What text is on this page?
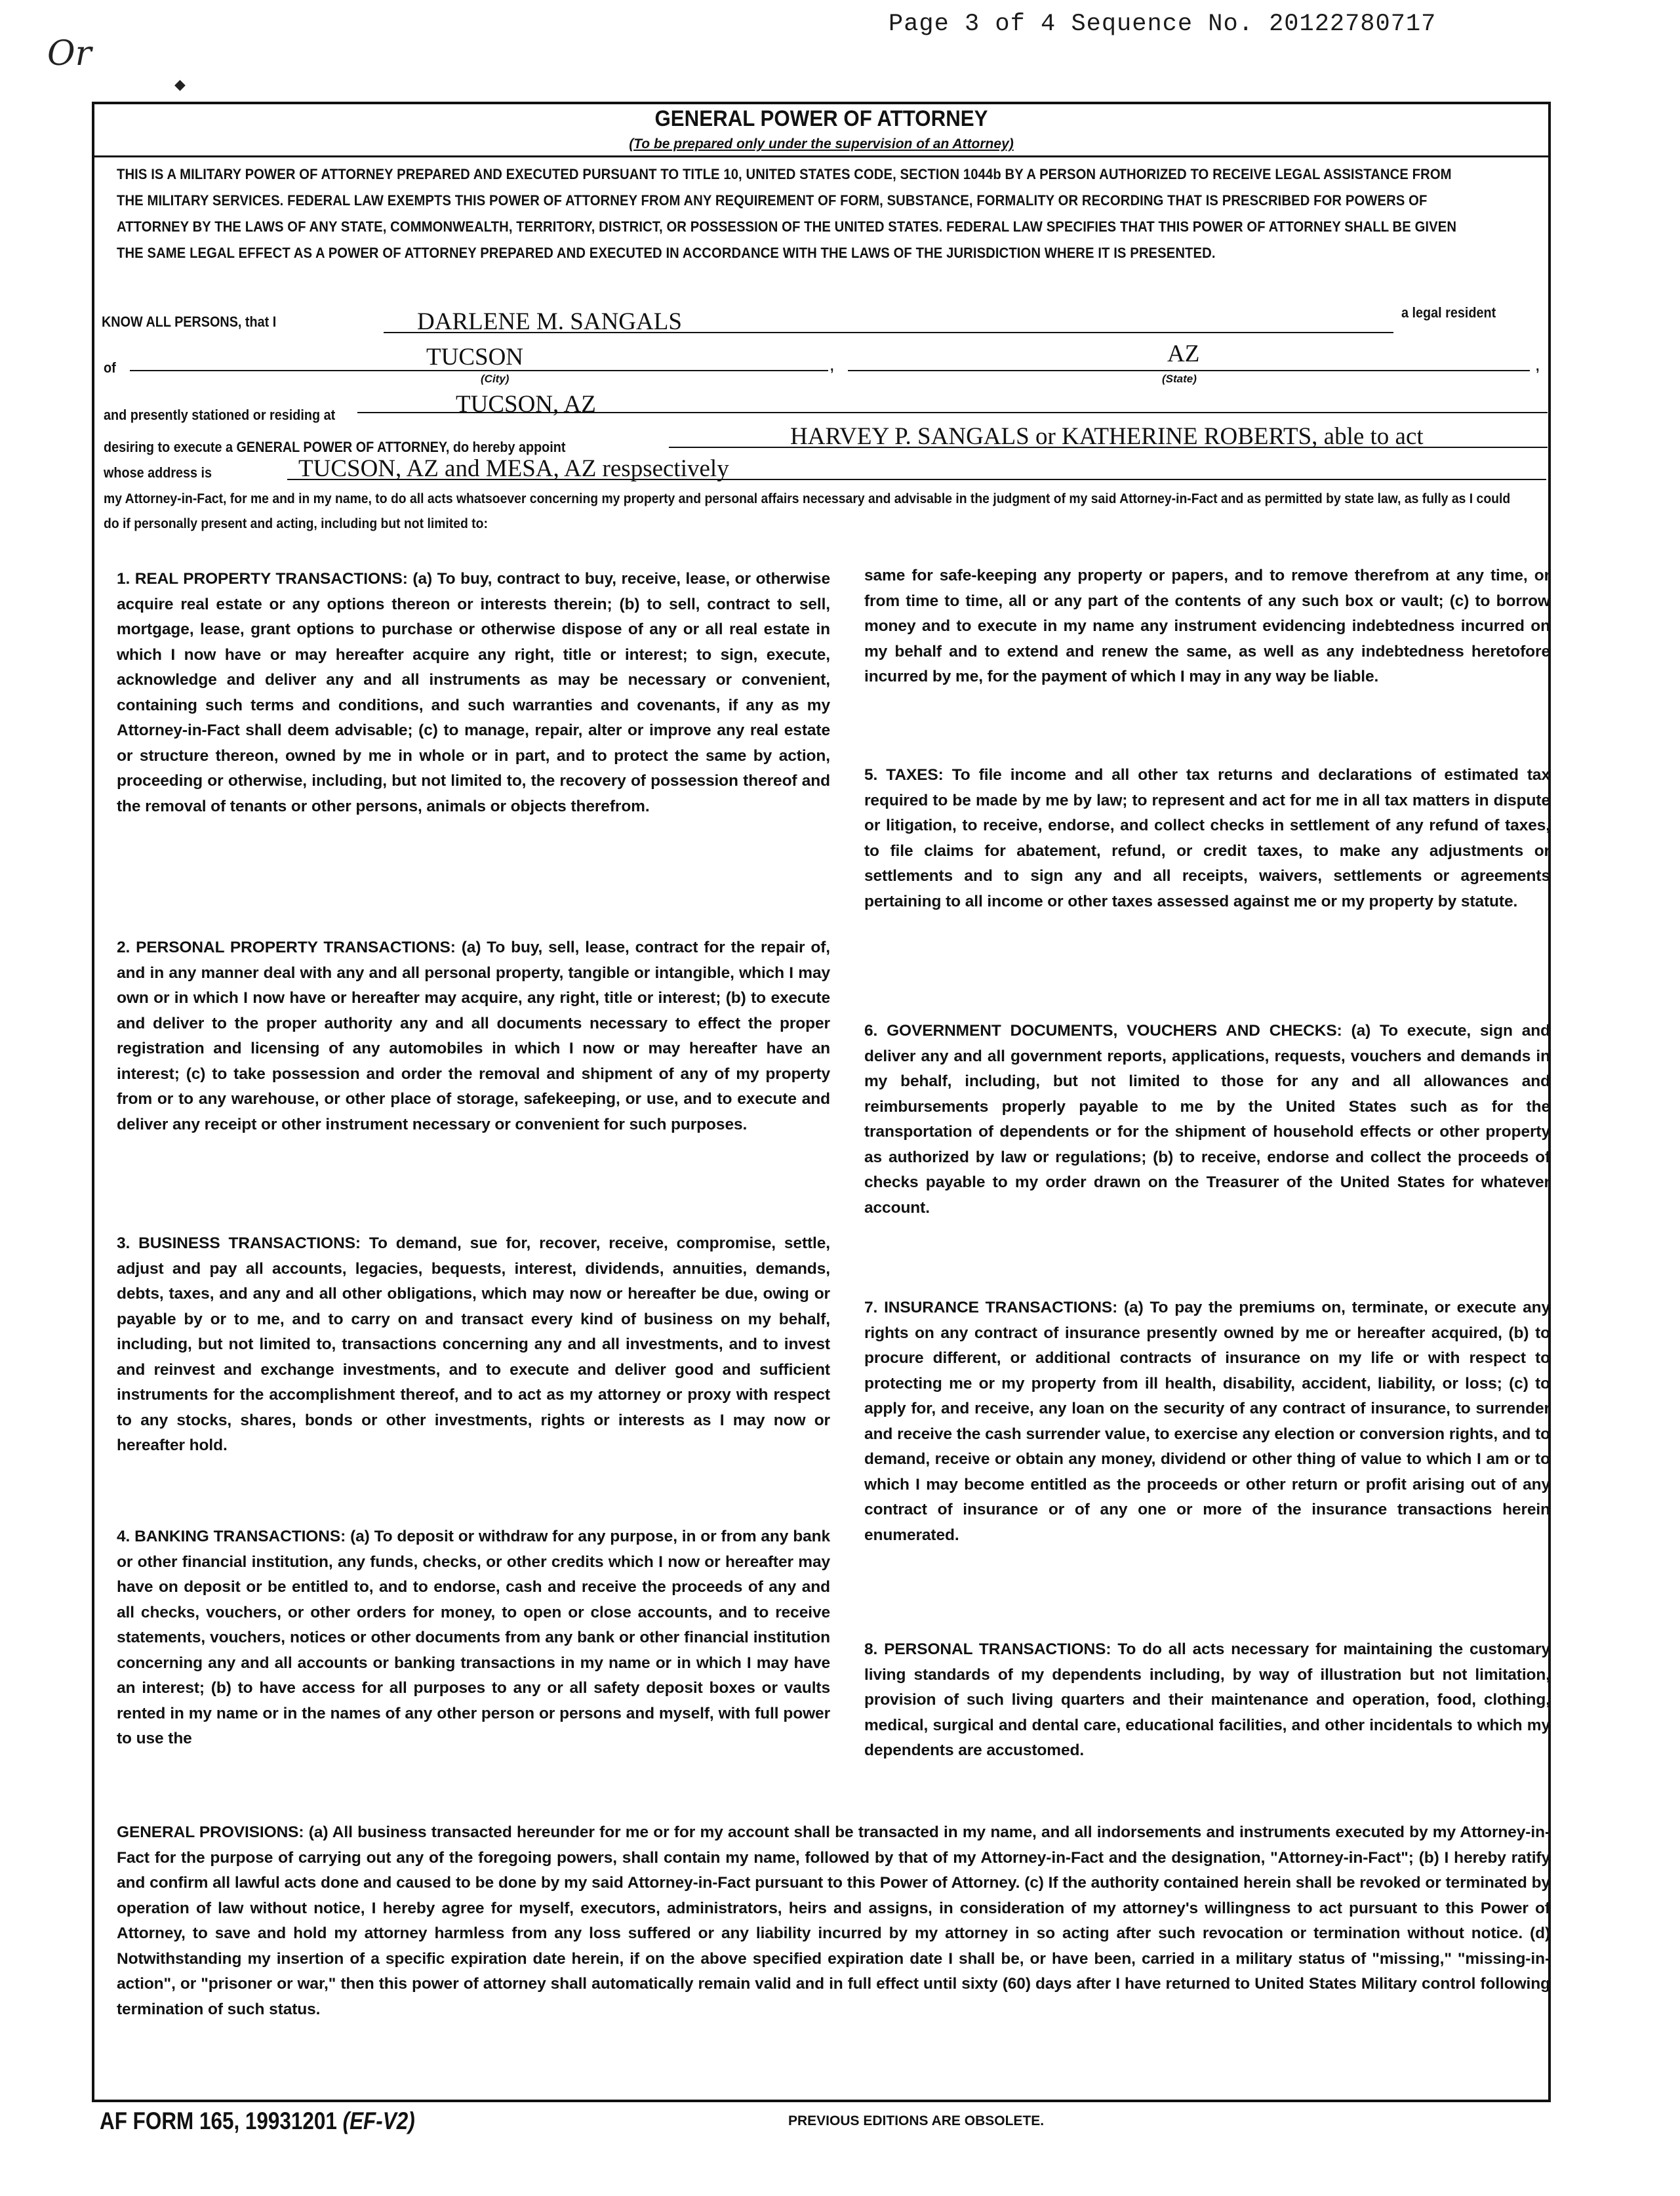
Page 3 of 4 Sequence No. 20122780717
Or
◆
GENERAL POWER OF ATTORNEY
(To be prepared only under the supervision of an Attorney)
THIS IS A MILITARY POWER OF ATTORNEY PREPARED AND EXECUTED PURSUANT TO TITLE 10, UNITED STATES CODE, SECTION 1044b BY A PERSON AUTHORIZED TO RECEIVE LEGAL ASSISTANCE FROM THE MILITARY SERVICES. FEDERAL LAW EXEMPTS THIS POWER OF ATTORNEY FROM ANY REQUIREMENT OF FORM, SUBSTANCE, FORMALITY OR RECORDING THAT IS PRESCRIBED FOR POWERS OF ATTORNEY BY THE LAWS OF ANY STATE, COMMONWEALTH, TERRITORY, DISTRICT, OR POSSESSION OF THE UNITED STATES. FEDERAL LAW SPECIFIES THAT THIS POWER OF ATTORNEY SHALL BE GIVEN THE SAME LEGAL EFFECT AS A POWER OF ATTORNEY PREPARED AND EXECUTED IN ACCORDANCE WITH THE LAWS OF THE JURISDICTION WHERE IT IS PRESENTED.
KNOW ALL PERSONS, that I	DARLENE M. SANGALS	a legal resident
of	TUCSON
(City)
,	AZ
(State)
,
and presently stationed or residing at	TUCSON, AZ
desiring to execute a GENERAL POWER OF ATTORNEY, do hereby appoint	HARVEY P. SANGALS or KATHERINE ROBERTS, able to act
whose address is	TUCSON, AZ and MESA, AZ respsectively
my Attorney-in-Fact, for me and in my name, to do all acts whatsoever concerning my property and personal affairs necessary and advisable in the judgment of my said Attorney-in-Fact and as permitted by state law, as fully as I could do if personally present and acting, including but not limited to:
1. REAL PROPERTY TRANSACTIONS: (a) To buy, contract to buy, receive, lease, or otherwise acquire real estate or any options thereon or interests therein; (b) to sell, contract to sell, mortgage, lease, grant options to purchase or otherwise dispose of any or all real estate in which I now have or may hereafter acquire any right, title or interest; to sign, execute, acknowledge and deliver any and all instruments as may be necessary or convenient, containing such terms and conditions, and such warranties and covenants, if any as my Attorney-in-Fact shall deem advisable; (c) to manage, repair, alter or improve any real estate or structure thereon, owned by me in whole or in part, and to protect the same by action, proceeding or otherwise, including, but not limited to, the recovery of possession thereof and the removal of tenants or other persons, animals or objects therefrom.
2. PERSONAL PROPERTY TRANSACTIONS: (a) To buy, sell, lease, contract for the repair of, and in any manner deal with any and all personal property, tangible or intangible, which I may own or in which I now have or hereafter may acquire, any right, title or interest; (b) to execute and deliver to the proper authority any and all documents necessary to effect the proper registration and licensing of any automobiles in which I now or may hereafter have an interest; (c) to take possession and order the removal and shipment of any of my property from or to any warehouse, or other place of storage, safekeeping, or use, and to execute and deliver any receipt or other instrument necessary or convenient for such purposes.
3. BUSINESS TRANSACTIONS: To demand, sue for, recover, receive, compromise, settle, adjust and pay all accounts, legacies, bequests, interest, dividends, annuities, demands, debts, taxes, and any and all other obligations, which may now or hereafter be due, owing or payable by or to me, and to carry on and transact every kind of business on my behalf, including, but not limited to, transactions concerning any and all investments, and to invest and reinvest and exchange investments, and to execute and deliver good and sufficient instruments for the accomplishment thereof, and to act as my attorney or proxy with respect to any stocks, shares, bonds or other investments, rights or interests as I may now or hereafter hold.
4. BANKING TRANSACTIONS: (a) To deposit or withdraw for any purpose, in or from any bank or other financial institution, any funds, checks, or other credits which I now or hereafter may have on deposit or be entitled to, and to endorse, cash and receive the proceeds of any and all checks, vouchers, or other orders for money, to open or close accounts, and to receive statements, vouchers, notices or other documents from any bank or other financial institution concerning any and all accounts or banking transactions in my name or in which I may have an interest; (b) to have access for all purposes to any or all safety deposit boxes or vaults rented in my name or in the names of any other person or persons and myself, with full power to use the
same for safe-keeping any property or papers, and to remove therefrom at any time, or from time to time, all or any part of the contents of any such box or vault; (c) to borrow money and to execute in my name any instrument evidencing indebtedness incurred on my behalf and to extend and renew the same, as well as any indebtedness heretofore incurred by me, for the payment of which I may in any way be liable.
5. TAXES: To file income and all other tax returns and declarations of estimated tax required to be made by me by law; to represent and act for me in all tax matters in dispute or litigation, to receive, endorse, and collect checks in settlement of any refund of taxes, to file claims for abatement, refund, or credit taxes, to make any adjustments or settlements and to sign any and all receipts, waivers, settlements or agreements pertaining to all income or other taxes assessed against me or my property by statute.
6. GOVERNMENT DOCUMENTS, VOUCHERS AND CHECKS: (a) To execute, sign and deliver any and all government reports, applications, requests, vouchers and demands in my behalf, including, but not limited to those for any and all allowances and reimbursements properly payable to me by the United States such as for the transportation of dependents or for the shipment of household effects or other property as authorized by law or regulations; (b) to receive, endorse and collect the proceeds of checks payable to my order drawn on the Treasurer of the United States for whatever account.
7. INSURANCE TRANSACTIONS: (a) To pay the premiums on, terminate, or execute any rights on any contract of insurance presently owned by me or hereafter acquired, (b) to procure different, or additional contracts of insurance on my life or with respect to protecting me or my property from ill health, disability, accident, liability, or loss; (c) to apply for, and receive, any loan on the security of any contract of insurance, to surrender and receive the cash surrender value, to exercise any election or conversion rights, and to demand, receive or obtain any money, dividend or other thing of value to which I am or to which I may become entitled as the proceeds or other return or profit arising out of any contract of insurance or of any one or more of the insurance transactions herein enumerated.
8. PERSONAL TRANSACTIONS: To do all acts necessary for maintaining the customary living standards of my dependents including, by way of illustration but not limitation, provision of such living quarters and their maintenance and operation, food, clothing, medical, surgical and dental care, educational facilities, and other incidentals to which my dependents are accustomed.
GENERAL PROVISIONS: (a) All business transacted hereunder for me or for my account shall be transacted in my name, and all indorsements and instruments executed by my Attorney-in-Fact for the purpose of carrying out any of the foregoing powers, shall contain my name, followed by that of my Attorney-in-Fact and the designation, "Attorney-in-Fact"; (b) I hereby ratify and confirm all lawful acts done and caused to be done by my said Attorney-in-Fact pursuant to this Power of Attorney. (c) If the authority contained herein shall be revoked or terminated by operation of law without notice, I hereby agree for myself, executors, administrators, heirs and assigns, in consideration of my attorney's willingness to act pursuant to this Power of Attorney, to save and hold my attorney harmless from any loss suffered or any liability incurred by my attorney in so acting after such revocation or termination without notice. (d) Notwithstanding my insertion of a specific expiration date herein, if on the above specified expiration date I shall be, or have been, carried in a military status of "missing," "missing-in-action", or "prisoner or war," then this power of attorney shall automatically remain valid and in full effect until sixty (60) days after I have returned to United States Military control following termination of such status.
AF FORM 165, 19931201 (EF-V2)	PREVIOUS EDITIONS ARE OBSOLETE.
